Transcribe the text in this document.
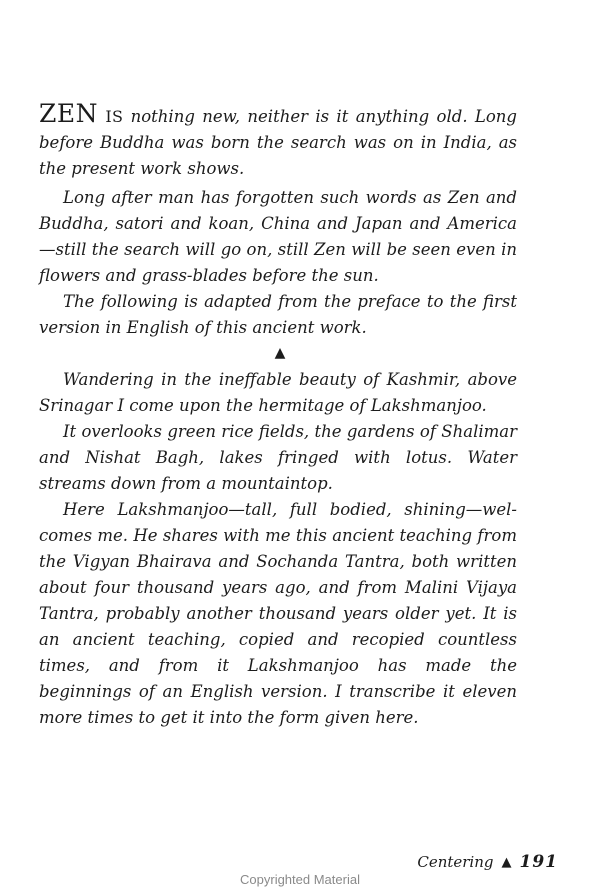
ZEN IS nothing new, neither is it anything old. Long before Buddha was born the search was on in India, as the present work shows.

Long after man has forgotten such words as Zen and Buddha, satori and koan, China and Japan and America —still the search will go on, still Zen will be seen even in flowers and grass-blades before the sun.

The following is adapted from the preface to the first version in English of this ancient work.

▲

Wandering in the ineffable beauty of Kashmir, above Srinagar I come upon the hermitage of Lakshmanjoo.

It overlooks green rice fields, the gardens of Shalimar and Nishat Bagh, lakes fringed with lotus. Water streams down from a mountaintop.

Here Lakshmanjoo—tall, full bodied, shining—wel-comes me. He shares with me this ancient teaching from the Vigyan Bhairava and Sochanda Tantra, both written about four thousand years ago, and from Malini Vijaya Tantra, probably another thousand years older yet. It is an ancient teaching, copied and recopied countless times, and from it Lakshmanjoo has made the beginnings of an English version. I transcribe it eleven more times to get it into the form given here.

Centering ▲ 191
Copyrighted Material
